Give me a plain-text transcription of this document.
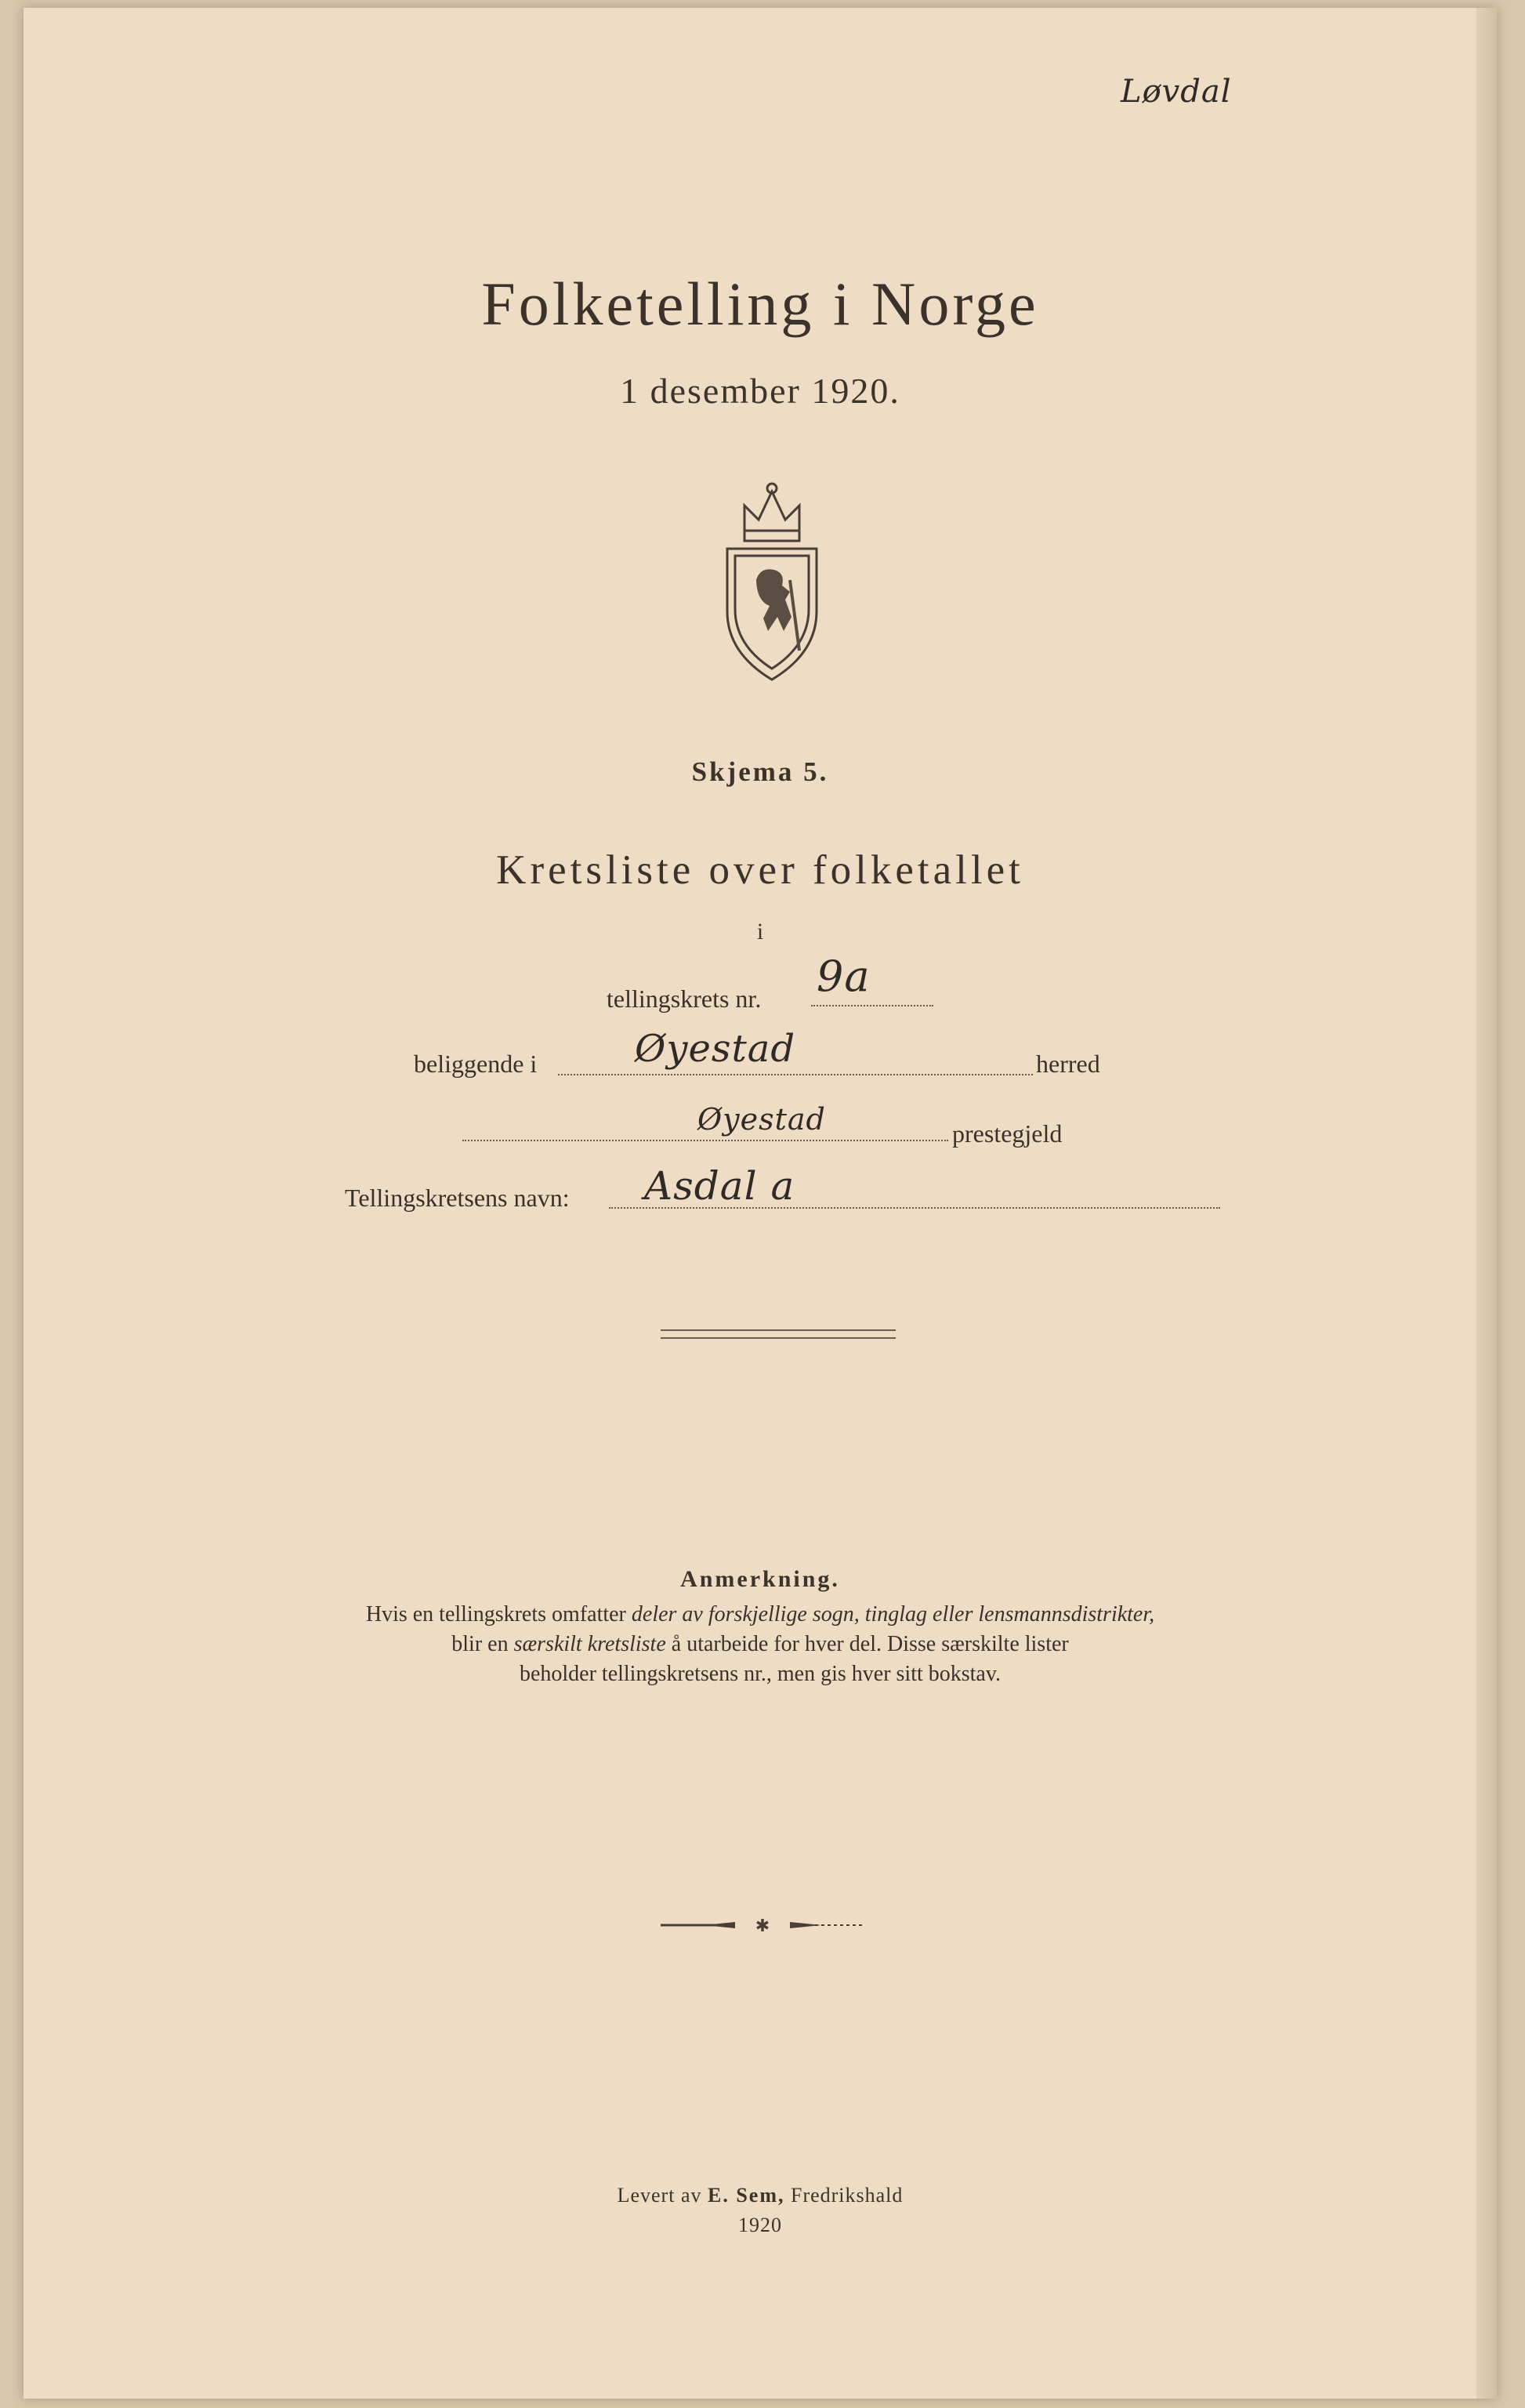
Løvdal
Folketelling i Norge
1 desember 1920.
Skjema 5.
Kretsliste over folketallet
i
tellingskrets nr. 9a
beliggende i	Øyestad	herred
Øyestad	prestegjeld
Tellingskretsens navn: Asdal a
Anmerkning.
Hvis en tellingskrets omfatter deler av forskjellige sogn, tinglag eller lensmannsdistrikter,
blir en særskilt kretsliste å utarbeide for hver del. Disse særskilte lister
beholder tellingskretsens nr., men gis hver sitt bokstav.
✱
Levert av E. Sem, Fredrikshald
1920
